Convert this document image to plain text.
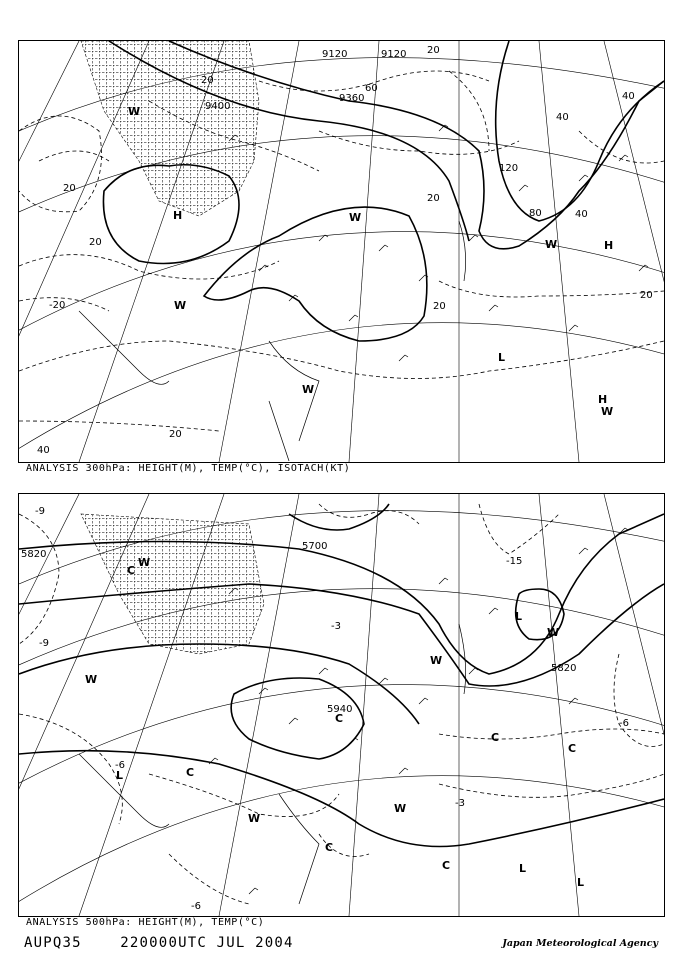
9120	9120
9360
9400
20
40
60
80
120
20
40
20
20
20
20
20
40
20
40
-20
H
H
H
L
W
W
W
W
W
W
ANALYSIS 300hPa: HEIGHT(M), TEMP(°C), ISOTACH(KT)
5700
5820
5820
5940
-15
-9
-9
-3
-6
-6
-3
-6
L
L
L
L
C
C
C
C
C
C
C
W
W
W
W
W
W
ANALYSIS 500hPa: HEIGHT(M), TEMP(°C)
AUPQ35	220000UTC JUL 2004	Japan Meteorological Agency
